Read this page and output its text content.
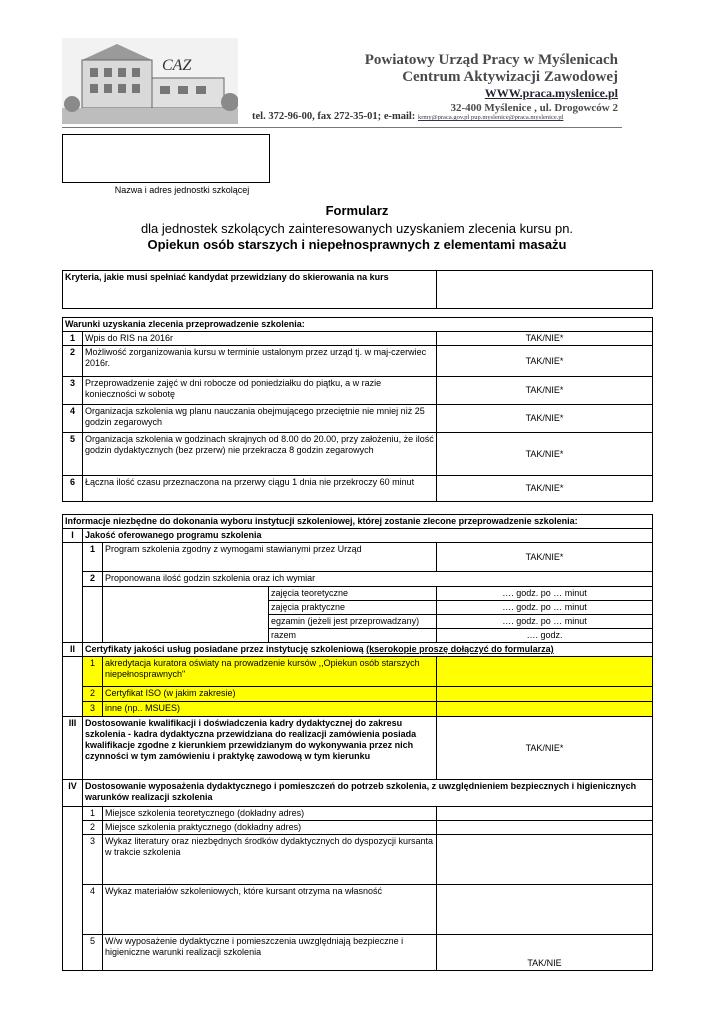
CAZ	Powiatowy Urząd Pracy w Myślenicach
Centrum Aktywizacji Zawodowej
WWW.praca.myslenice.pl
32-400 Myślenice , ul. Drogowców 2
tel. 372-96-00, fax 272-35-01; e-mail: krmy@praca.gov.pl pup.myslenice@praca.myslenice.pl
Nazwa i adres jednostki szkolącej
Formularz
dla jednostek szkolących zainteresowanych uzyskaniem zlecenia kursu pn.
Opiekun osób starszych i niepełnosprawnych z elementami masażu
Kryteria, jakie musi spełniać kandydat przewidziany do skierowania na kurs	
Warunki uzyskania zlecenia przeprowadzenie szkolenia:		
1	Wpis do RIS na 2016r	TAK/NIE*
2	Możliwość zorganizowania kursu w terminie ustalonym przez urząd tj. w maj-czerwiec 2016r.	TAK/NIE*
3	Przeprowadzenie zajęć w dni robocze od poniedziałku do piątku, a w razie konieczności w sobotę	TAK/NIE*
4	Organizacja szkolenia wg planu nauczania obejmującego przeciętnie nie mniej niż 25 godzin zegarowych	TAK/NIE*
5	Organizacja szkolenia w godzinach skrajnych od 8.00 do 20.00, przy założeniu, że ilość godzin dydaktycznych (bez przerw) nie przekracza 8 godzin zegarowych	TAK/NIE*
6	Łączna ilość czasu przeznaczona na przerwy ciągu 1 dnia nie przekroczy 60 minut	TAK/NIE*
Informacje niezbędne do dokonania wyboru instytucji szkoleniowej, której zostanie zlecone przeprowadzenie szkolenia:				
I	Jakość oferowanego programu szkolenia			
	1	Program szkolenia zgodny z wymogami stawianymi przez Urząd		TAK/NIE*
	2	Proponowana ilość godzin szkolenia oraz ich wymiar		
			zajęcia teoretyczne	…. godz. po … minut
			zajęcia praktyczne	…. godz. po … minut
			egzamin (jeżeli jest przeprowadzany)	…. godz. po … minut
			razem	…. godz.
II	Certyfikaty jakości usług posiadane przez instytucję szkoleniową (kserokopie proszę dołączyć do formularza)			
	1	akredytacja kuratora oświaty na prowadzenie kursów ,,Opiekun osób starszych niepełnosprawnych"		
	2	Certyfikat ISO (w jakim zakresie)		
	3	inne (np.. MSUES)		
III	Dostosowanie kwalifikacji i doświadczenia kadry dydaktycznej do zakresu szkolenia - kadra dydaktyczna przewidziana do realizacji zamówienia posiada kwalifikacje zgodne z kierunkiem przewidzianym do wykonywania przez nich czynności w tym zamówieniu i praktykę zawodową w tym kierunku			TAK/NIE*
IV	Dostosowanie wyposażenia dydaktycznego i pomieszczeń do potrzeb szkolenia, z uwzględnieniem bezpiecznych i higienicznych warunków realizacji szkolenia			
	1	Miejsce szkolenia teoretycznego (dokładny adres)		
	2	Miejsce szkolenia praktycznego (dokładny adres)		
	3	Wykaz literatury oraz niezbędnych środków dydaktycznych do dyspozycji kursanta w trakcie szkolenia		
	4	Wykaz materiałów szkoleniowych, które kursant otrzyma na własność		
	5	W/w wyposażenie dydaktyczne i pomieszczenia uwzględniają bezpieczne i higieniczne warunki realizacji szkolenia		TAK/NIE
